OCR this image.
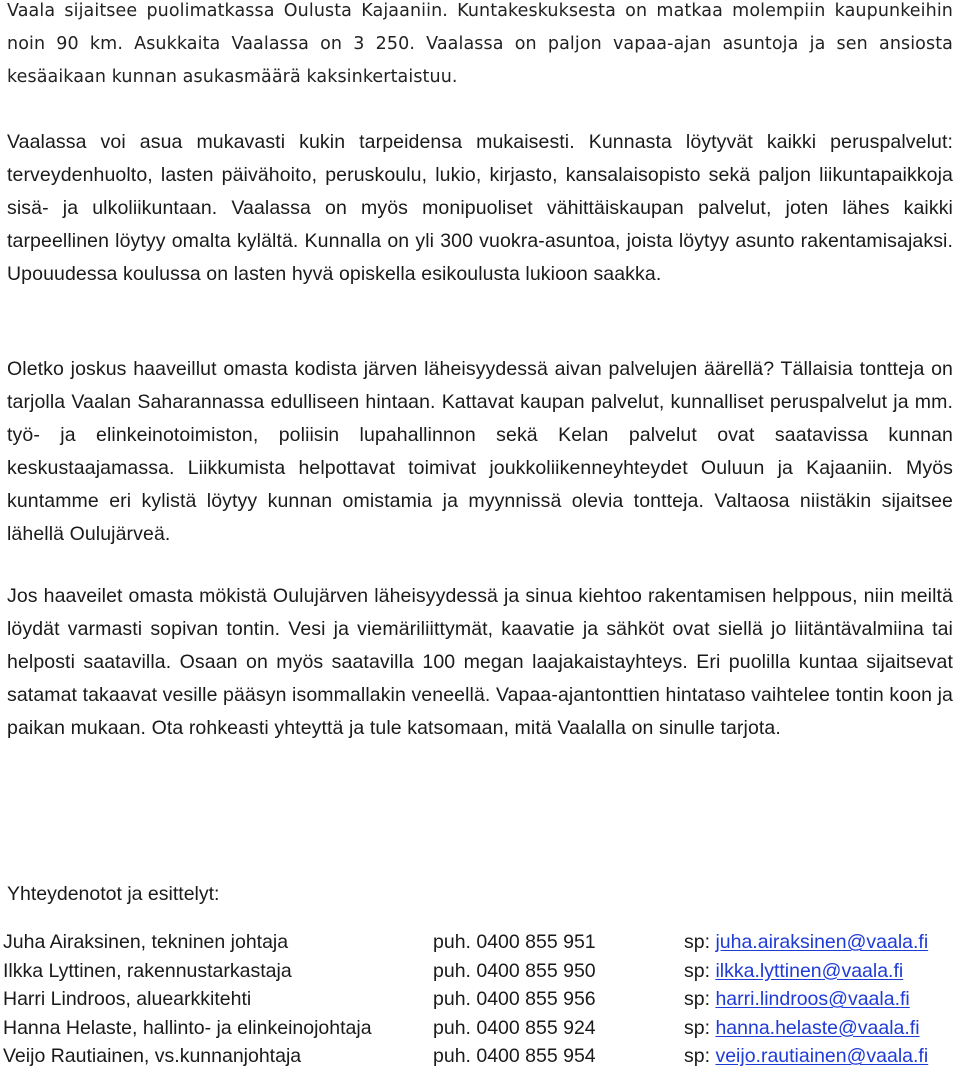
Vaala sijaitsee puolimatkassa Oulusta Kajaaniin. Kuntakeskuksesta on matkaa molempiin kaupunkeihin noin 90 km. Asukkaita Vaalassa on 3 250. Vaalassa on paljon vapaa-ajan asuntoja ja sen ansiosta kesäaikaan kunnan asukasmäärä kaksinkertaistuu.

Vaalassa voi asua mukavasti kukin tarpeidensa mukaisesti. Kunnasta löytyvät kaikki peruspalvelut: terveydenhuolto, lasten päivähoito, peruskoulu, lukio, kirjasto, kansalaisopisto sekä paljon liikuntapaikkoja sisä- ja ulkoliikuntaan. Vaalassa on myös monipuoliset vähittäiskaupan palvelut, joten lähes kaikki tarpeellinen löytyy omalta kylältä. Kunnalla on yli 300 vuokra-asuntoa, joista löytyy asunto rakentamisajaksi. Upouudessa koulussa on lasten hyvä opiskella esikoulusta lukioon saakka.

Oletko joskus haaveillut omasta kodista järven läheisyydessä aivan palvelujen äärellä? Tällaisia tontteja on tarjolla Vaalan Saharannassa edulliseen hintaan. Kattavat kaupan palvelut, kunnalliset peruspalvelut ja mm. työ- ja elinkeinotoimiston, poliisin lupahallinnon sekä Kelan palvelut ovat saatavissa kunnan keskustaajamassa. Liikkumista helpottavat toimivat joukkoliikenneyhteydet Ouluun ja Kajaaniin. Myös kuntamme eri kylistä löytyy kunnan omistamia ja myynnissä olevia tontteja. Valtaosa niistäkin sijaitsee lähellä Oulujärveä.

Jos haaveilet omasta mökistä Oulujärven läheisyydessä ja sinua kiehtoo rakentamisen helppous, niin meiltä löydät varmasti sopivan tontin. Vesi ja viemäriliittymät, kaavatie ja sähköt ovat siellä jo liitäntävalmiina tai helposti saatavilla. Osaan on myös saatavilla 100 megan laajakaistayhteys. Eri puolilla kuntaa sijaitsevat satamat takaavat vesille pääsyn isommallakin veneellä. Vapaa-ajantonttien hintataso vaihtelee tontin koon ja paikan mukaan. Ota rohkeasti yhteyttä ja tule katsomaan, mitä Vaalalla on sinulle tarjota.

Yhteydenotot ja esittelyt:

Juha Airaksinen, tekninen johtaja	puh. 0400 855 951	sp: juha.airaksinen@vaala.fi
Ilkka Lyttinen, rakennustarkastaja	puh. 0400 855 950	sp: ilkka.lyttinen@vaala.fi
Harri Lindroos, aluearkkitehti	puh. 0400 855 956	sp: harri.lindroos@vaala.fi
Hanna Helaste, hallinto- ja elinkeinojohtaja	puh. 0400 855 924	sp: hanna.helaste@vaala.fi
Veijo Rautiainen, vs.kunnanjohtaja	puh. 0400 855 954	sp: veijo.rautiainen@vaala.fi
